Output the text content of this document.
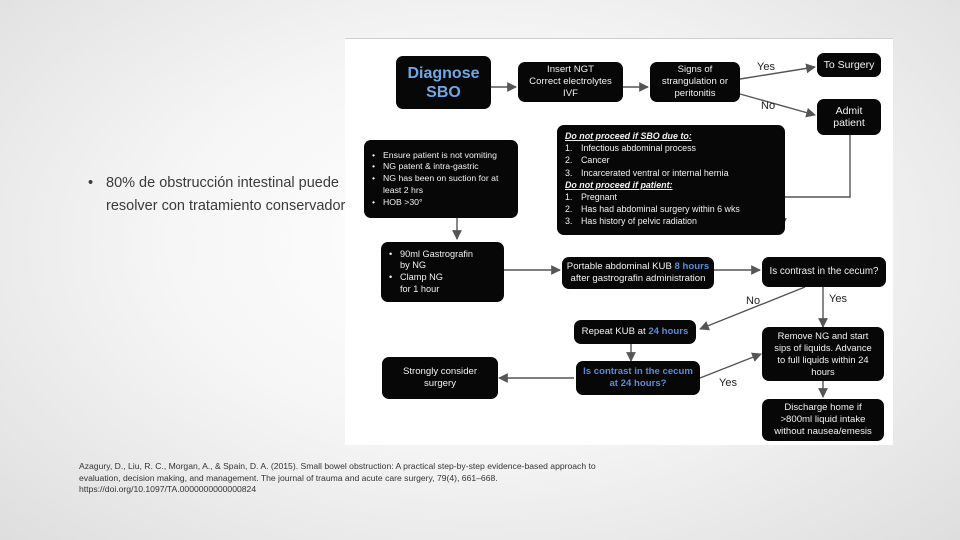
• 80% de obstrucción intestinal puede resolver con tratamiento conservador
Azagury, D., Liu, R. C., Morgan, A., & Spain, D. A. (2015). Small bowel obstruction: A practical step-by-step evidence-based approach to evaluation, decision making, and management. The journal of trauma and acute care surgery, 79(4), 661–668. https://doi.org/10.1097/TA.0000000000000824
Yes
No
No	Yes
Yes
Diagnose
SBO
Insert NGT
Correct electrolytes
IVF
Signs of
strangulation or
peritonitis
To Surgery
Admit
patient
• Ensure patient is not vomiting
• NG patent & intra-gastric
• NG has been on suction for at
least 2 hrs
• HOB >30°
Do not proceed if SBO due to:
1. Infectious abdominal process
2. Cancer
3. Incarcerated ventral or internal hernia
Do not proceed if patient:
1. Pregnant
2. Has had abdominal surgery within 6 wks
3. Has history of pelvic radiation
• 90ml Gastrografin
by NG
• Clamp NG
for 1 hour
Portable abdominal KUB 8 hours
after gastrografin administration
Is contrast in the cecum?
Repeat KUB at 24 hours	Remove NG and start
sips of liquids. Advance
to full liquids within 24
hours
Strongly consider
surgery
Is contrast in the cecum
at 24 hours?
Discharge home if
>800ml liquid intake
without nausea/emesis
